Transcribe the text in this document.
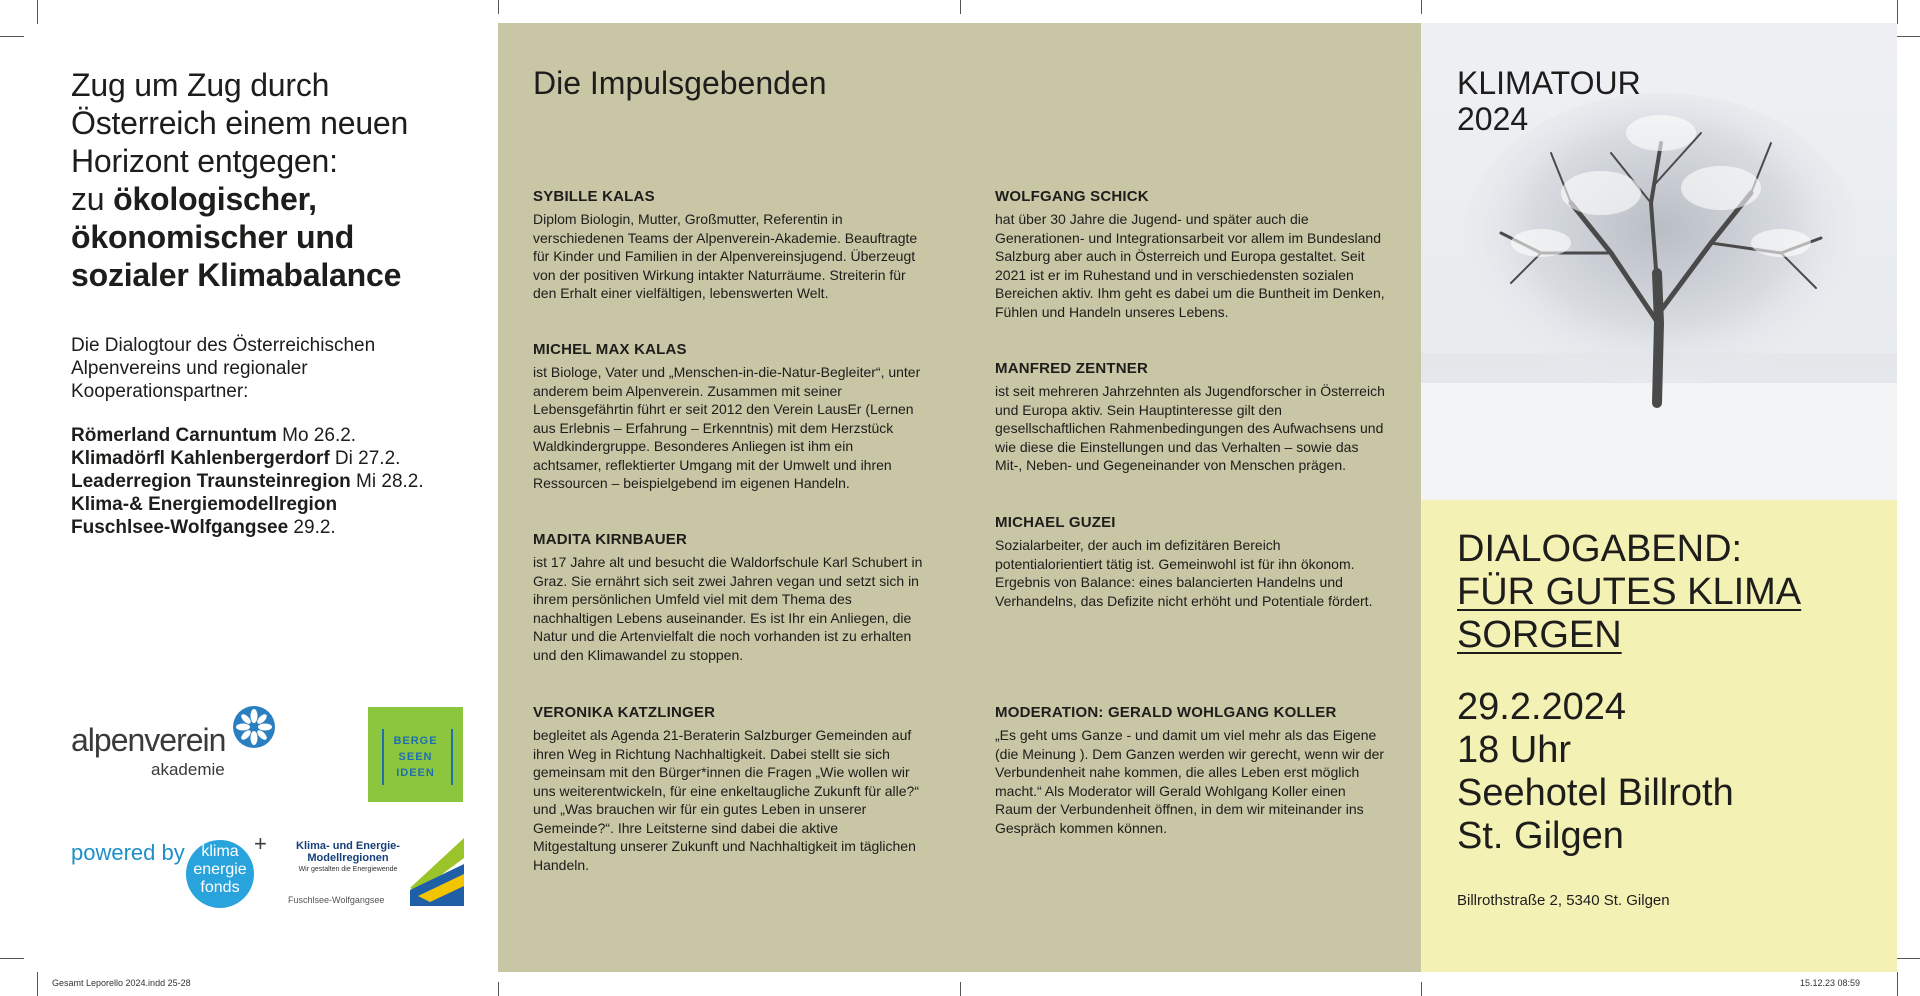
Zug um Zug durch
Österreich einem neuen
Horizont entgegen:
zu ökologischer,
ökonomischer und
sozialer Klimabalance
Die Dialogtour des Österreichischen
Alpenvereins und regionaler
Kooperationspartner:
Römerland Carnuntum Mo 26.2.
Klimadörfl Kahlenbergerdorf Di 27.2.
Leaderregion Traunsteinregion Mi 28.2.
Klima-& Energiemodellregion
Fuschlsee-Wolfgangsee 29.2.
alpenverein
akademie
BERGE
SEEN
IDEEN
powered by	klima
energie
fonds
+	Klima- und Energie-
Modellregionen
Wir gestalten die Energiewende
Fuschlsee-Wolfgangsee
Die Impulsgebenden
SYBILLE KALAS
Diplom Biologin, Mutter, Großmutter, Referentin in verschiedenen Teams der Alpenverein-Akademie. Beauftragte für Kinder und Familien in der Alpenvereinsjugend. Überzeugt von der positiven Wirkung intakter Naturräume. Streiterin für den Erhalt einer vielfältigen, lebenswerten Welt.
MICHEL MAX KALAS
ist Biologe, Vater und „Menschen-in-die-Natur-Begleiter“, unter anderem beim Alpenverein. Zusammen mit seiner Lebensgefährtin führt er seit 2012 den Verein LausEr (Lernen aus Erlebnis – Erfahrung – Erkenntnis) mit dem Herzstück Waldkindergruppe. Besonderes Anliegen ist ihm ein achtsamer, reflektierter Umgang mit der Umwelt und ihren Ressourcen – beispielgebend im eigenen Handeln.
MADITA KIRNBAUER
ist 17 Jahre alt und besucht die Waldorfschule Karl Schubert in Graz. Sie ernährt sich seit zwei Jahren vegan und setzt sich in ihrem persönlichen Umfeld viel mit dem Thema des nachhaltigen Lebens auseinander. Es ist Ihr ein Anliegen, die Natur und die Artenvielfalt die noch vorhanden ist zu erhalten und den Klimawandel zu stoppen.
VERONIKA KATZLINGER
begleitet als Agenda 21-Beraterin Salzburger Gemeinden auf ihren Weg in Richtung Nachhaltigkeit. Dabei stellt sie sich gemeinsam mit den Bürger*innen die Fragen „Wie wollen wir uns weiterentwickeln, für eine enkeltaugliche Zukunft für alle?“ und „Was brauchen wir für ein gutes Leben in unserer Gemeinde?“. Ihre Leitsterne sind dabei die aktive Mitgestaltung unserer Zukunft und Nachhaltigkeit im täglichen Handeln.
WOLFGANG SCHICK
hat über 30 Jahre die Jugend- und später auch die Generationen- und Integrationsarbeit vor allem im Bundesland Salzburg aber auch in Österreich und Europa gestaltet. Seit 2021 ist er im Ruhestand und in verschiedensten sozialen Bereichen aktiv. Ihm geht es dabei um die Buntheit im Denken, Fühlen und Handeln unseres Lebens.
MANFRED ZENTNER
ist seit mehreren Jahrzehnten als Jugendforscher in Österreich und Europa aktiv. Sein Hauptinteresse gilt den gesellschaftlichen Rahmenbedingungen des Aufwachsens und wie diese die Einstellungen und das Verhalten – sowie das Mit-, Neben- und Gegeneinander von Menschen prägen.
MICHAEL GUZEI
Sozialarbeiter, der auch im defizitären Bereich potentialorientiert tätig ist. Gemeinwohl ist für ihn ökonom. Ergebnis von Balance: eines balancierten Handelns und Verhandelns, das Defizite nicht erhöht und Potentiale fördert.
MODERATION: GERALD WOHLGANG KOLLER
„Es geht ums Ganze - und damit um viel mehr als das Eigene (die Meinung ). Dem Ganzen werden wir gerecht, wenn wir der Verbundenheit nahe kommen, die alles Leben erst möglich macht.“ Als Moderator will Gerald Wohlgang Koller einen Raum der Verbundenheit öffnen, in dem wir miteinander ins Gespräch kommen können.
KLIMATOUR
2024
DIALOGABEND:
FÜR GUTES KLIMA
SORGEN
29.2.2024
18 Uhr
Seehotel Billroth
St. Gilgen
Billrothstraße 2, 5340 St. Gilgen
Gesamt Leporello 2024.indd 25-28	15.12.23 08:59
